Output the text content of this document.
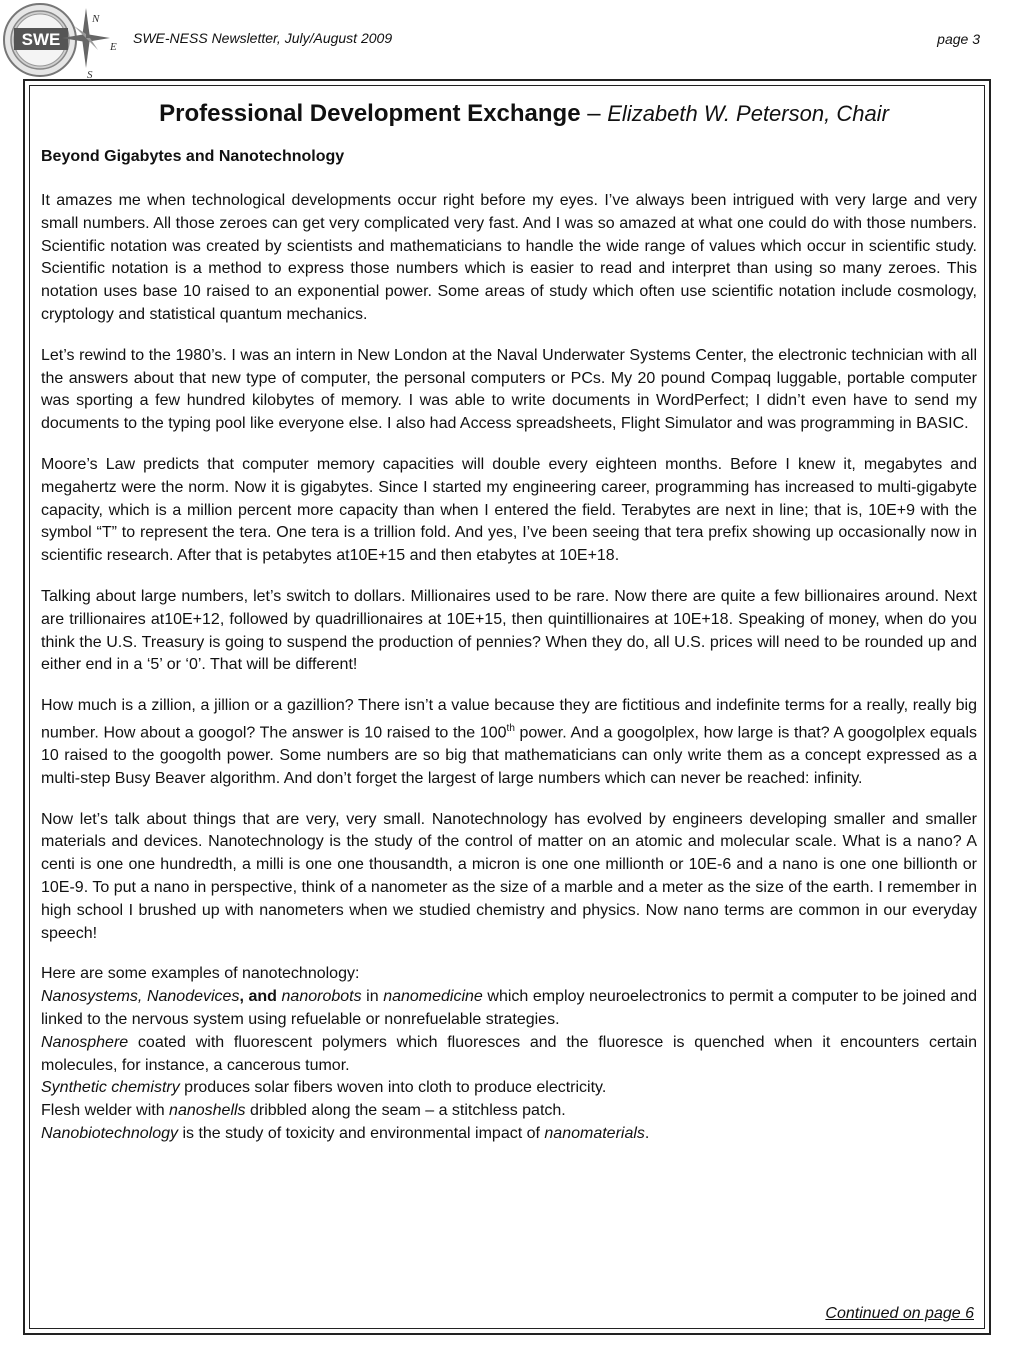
SWE
N
E
S
SWE-NESS Newsletter, July/August 2009	page 3
Professional Development Exchange – Elizabeth W. Peterson, Chair
Beyond Gigabytes and Nanotechnology

It amazes me when technological developments occur right before my eyes. I’ve always been intrigued with very large and very small numbers. All those zeroes can get very complicated very fast. And I was so amazed at what one could do with those numbers. Scientific notation was created by scientists and mathematicians to handle the wide range of values which occur in scientific study. Scientific notation is a method to express those numbers which is easier to read and interpret than using so many zeroes. This notation uses base 10 raised to an exponential power. Some areas of study which often use scientific notation include cosmology, cryptology and statistical quantum mechanics.

Let’s rewind to the 1980’s. I was an intern in New London at the Naval Underwater Systems Center, the electronic technician with all the answers about that new type of computer, the personal computers or PCs. My 20 pound Compaq luggable, portable computer was sporting a few hundred kilobytes of memory. I was able to write documents in WordPerfect; I didn’t even have to send my documents to the typing pool like everyone else. I also had Access spreadsheets, Flight Simulator and was programming in BASIC.

Moore’s Law predicts that computer memory capacities will double every eighteen months. Before I knew it, megabytes and megahertz were the norm. Now it is gigabytes. Since I started my engineering career, programming has increased to multi-gigabyte capacity, which is a million percent more capacity than when I entered the field. Terabytes are next in line; that is, 10E+9 with the symbol “T” to represent the tera. One tera is a trillion fold. And yes, I’ve been seeing that tera prefix showing up occasionally now in scientific research. After that is petabytes at10E+15 and then etabytes at 10E+18.

Talking about large numbers, let’s switch to dollars. Millionaires used to be rare. Now there are quite a few billionaires around. Next are trillionaires at10E+12, followed by quadrillionaires at 10E+15, then quintillionaires at 10E+18. Speaking of money, when do you think the U.S. Treasury is going to suspend the production of pennies? When they do, all U.S. prices will need to be rounded up and either end in a ‘5’ or ‘0’. That will be different!

How much is a zillion, a jillion or a gazillion? There isn’t a value because they are fictitious and indefinite terms for a really, really big number. How about a googol? The answer is 10 raised to the 100th power. And a googolplex, how large is that? A googolplex equals 10 raised to the googolth power. Some numbers are so big that mathematicians can only write them as a concept expressed as a multi-step Busy Beaver algorithm. And don’t forget the largest of large numbers which can never be reached: infinity.

Now let’s talk about things that are very, very small. Nanotechnology has evolved by engineers developing smaller and smaller materials and devices. Nanotechnology is the study of the control of matter on an atomic and molecular scale. What is a nano? A centi is one one hundredth, a milli is one one thousandth, a micron is one one millionth or 10E-6 and a nano is one one billionth or 10E-9. To put a nano in perspective, think of a nanometer as the size of a marble and a meter as the size of the earth. I remember in high school I brushed up with nanometers when we studied chemistry and physics. Now nano terms are common in our everyday speech!

Here are some examples of nanotechnology:

Nanosystems, Nanodevices, and nanorobots in nanomedicine which employ neuroelectronics to permit a computer to be joined and linked to the nervous system using refuelable or nonrefuelable strategies.

Nanosphere coated with fluorescent polymers which fluoresces and the fluoresce is quenched when it encounters certain molecules, for instance, a cancerous tumor.

Synthetic chemistry produces solar fibers woven into cloth to produce electricity.

Flesh welder with nanoshells dribbled along the seam – a stitchless patch.

Nanobiotechnology is the study of toxicity and environmental impact of nanomaterials.

Continued on page 6
